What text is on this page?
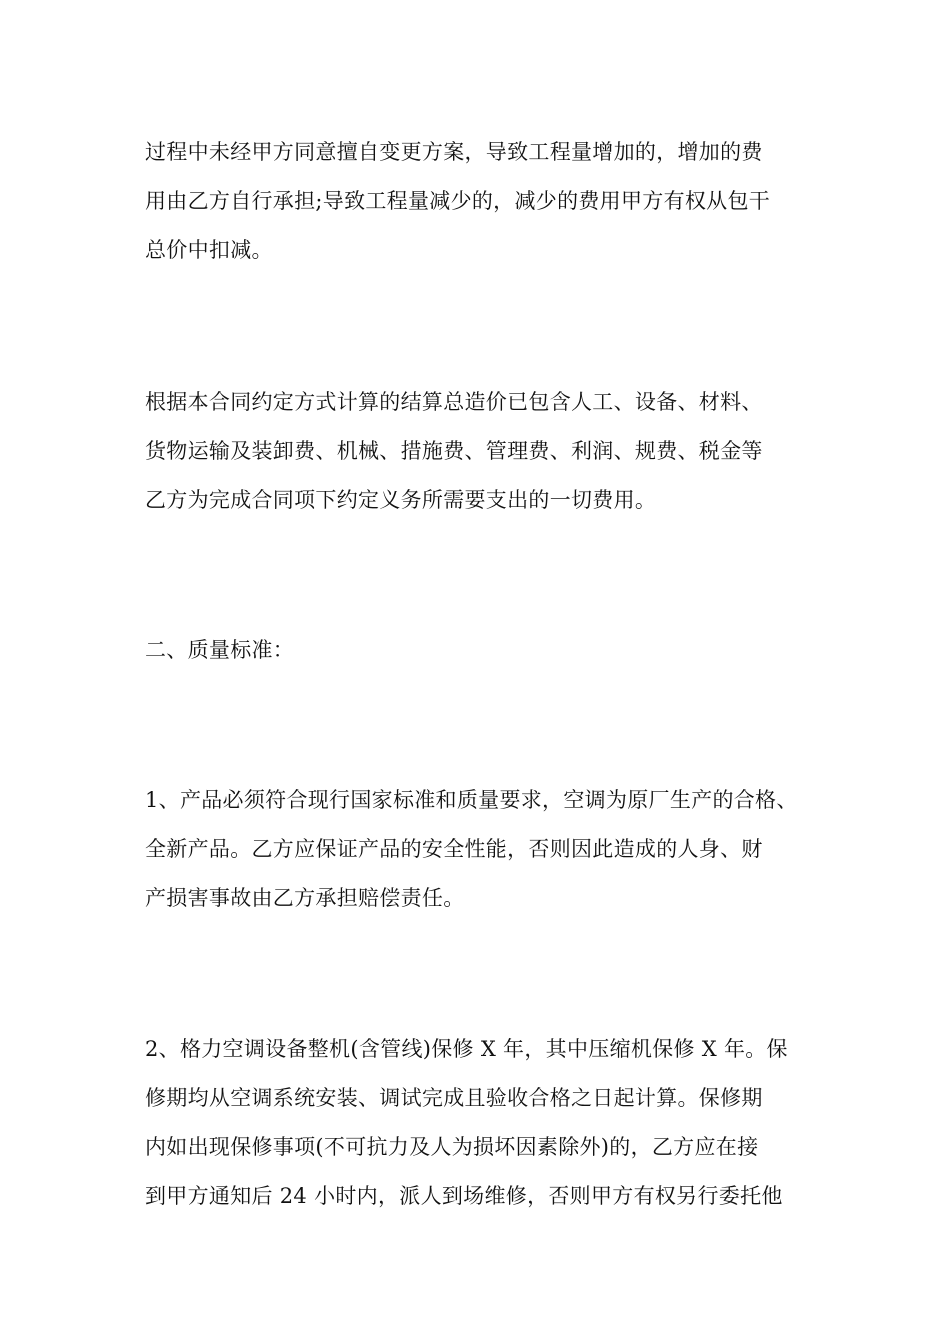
过程中未经甲方同意擅自变更方案，导致工程量增加的，增加的费
用由乙方自行承担;导致工程量减少的，减少的费用甲方有权从包干
总价中扣减。
根据本合同约定方式计算的结算总造价已包含人工、设备、材料、
货物运输及装卸费、机械、措施费、管理费、利润、规费、税金等
乙方为完成合同项下约定义务所需要支出的一切费用。
二、质量标准：
1、产品必须符合现行国家标准和质量要求，空调为原厂生产的合格、
全新产品。乙方应保证产品的安全性能，否则因此造成的人身、财
产损害事故由乙方承担赔偿责任。
2、格力空调设备整机(含管线)保修 X 年，其中压缩机保修 X 年。保
修期均从空调系统安装、调试完成且验收合格之日起计算。保修期
内如出现保修事项(不可抗力及人为损坏因素除外)的，乙方应在接
到甲方通知后 24 小时内，派人到场维修，否则甲方有权另行委托他
